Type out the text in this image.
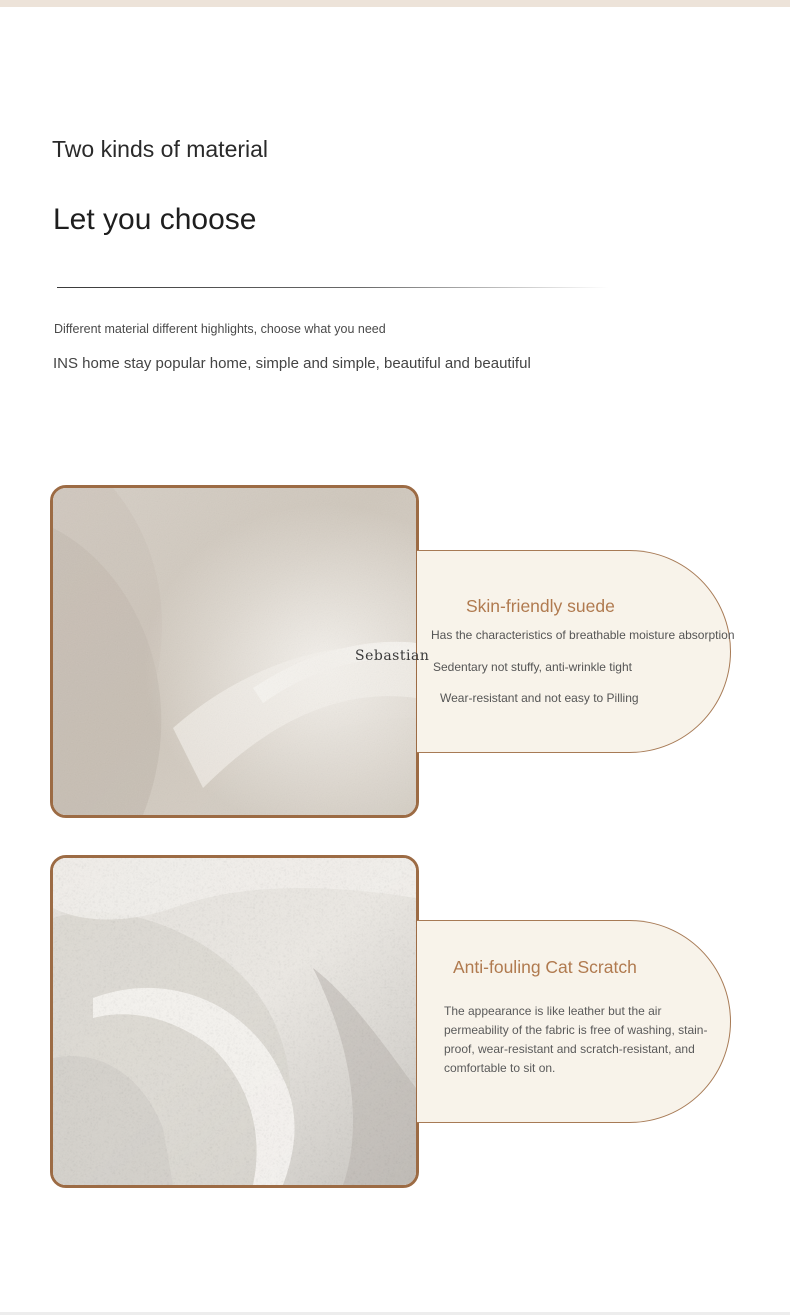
Two kinds of material
Let you choose

Different material different highlights, choose what you need

INS home stay popular home, simple and simple, beautiful and beautiful

Skin-friendly suede

Has the characteristics of breathable moisture absorption

Sedentary not stuffy, anti-wrinkle tight

Wear-resistant and not easy to Pilling

Anti-fouling Cat Scratch

The appearance is like leather but the air permeability of the fabric is free of washing, stain-proof, wear-resistant and scratch-resistant, and comfortable to sit on.

Sebastian
